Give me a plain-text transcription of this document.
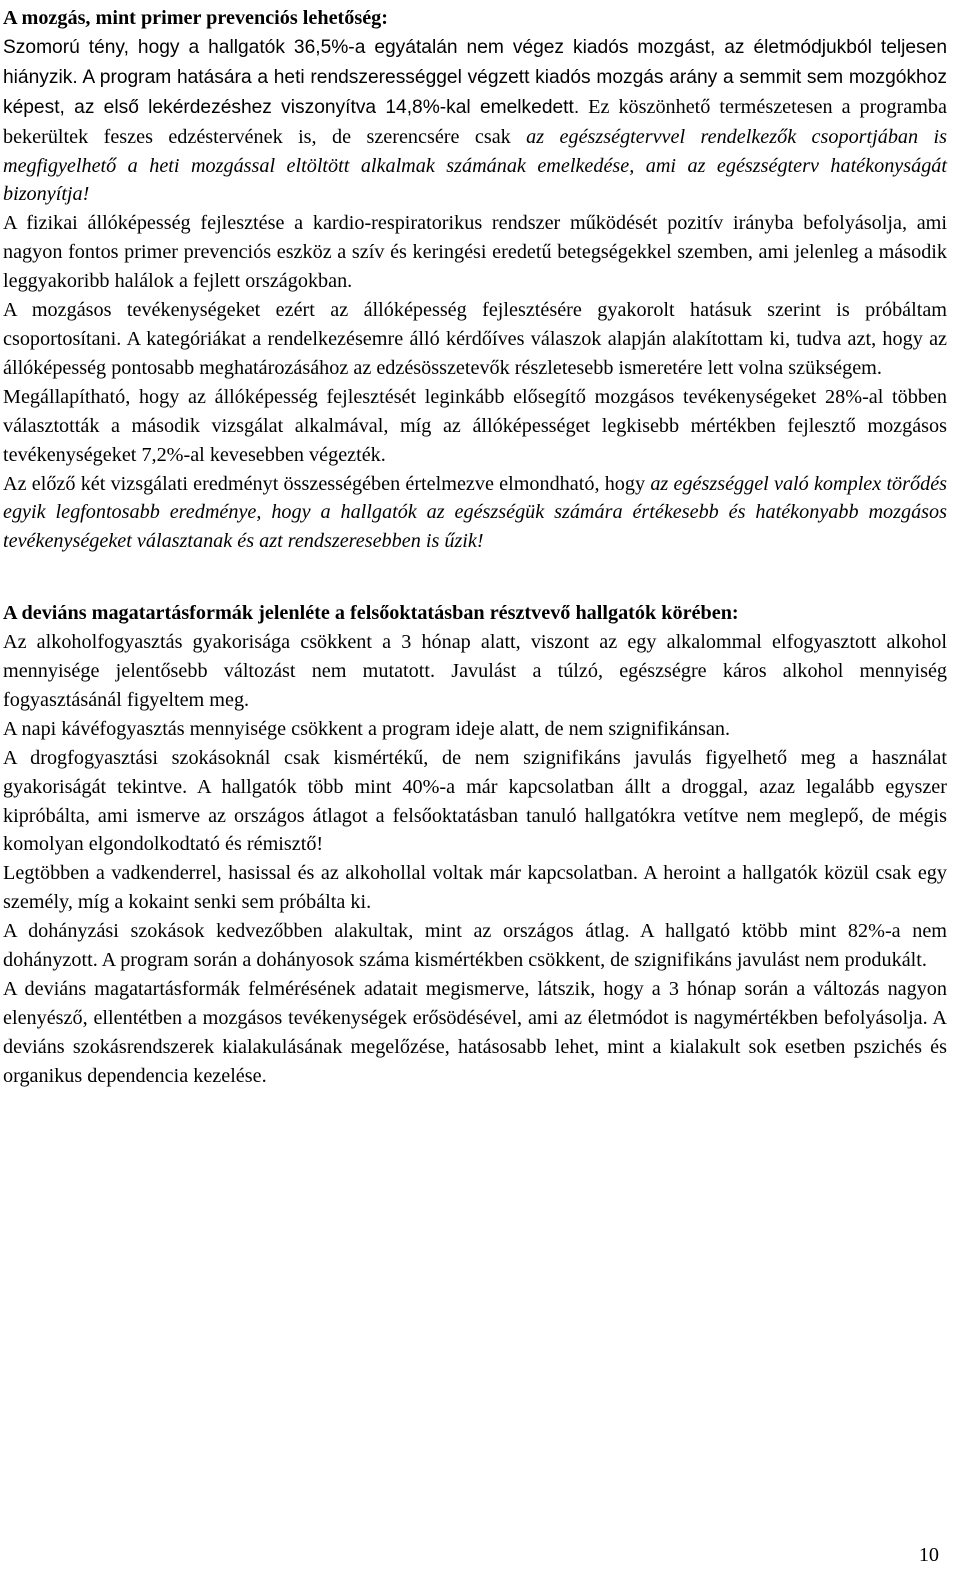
A mozgás, mint primer prevenciós lehetőség:

Szomorú tény, hogy a hallgatók 36,5%-a egyátalán nem végez kiadós mozgást, az életmódjukból teljesen hiányzik. A program hatására a heti rendszerességgel végzett kiadós mozgás arány a semmit sem mozgókhoz képest, az első lekérdezéshez viszonyítva 14,8%-kal emelkedett. Ez köszönhető természetesen a programba bekerültek feszes edzéstervének is, de szerencsére csak az egészségtervvel rendelkezők csoportjában is megfigyelhető a heti mozgással eltöltött alkalmak számának emelkedése, ami az egészségterv hatékonyságát bizonyítja!

A fizikai állóképesség fejlesztése a kardio-respiratorikus rendszer működését pozitív irányba befolyásolja, ami nagyon fontos primer prevenciós eszköz a szív és keringési eredetű betegségekkel szemben, ami jelenleg a második leggyakoribb halálok a fejlett országokban.

A mozgásos tevékenységeket ezért az állóképesség fejlesztésére gyakorolt hatásuk szerint is próbáltam csoportosítani. A kategóriákat a rendelkezésemre álló kérdőíves válaszok alapján alakítottam ki, tudva azt, hogy az állóképesség pontosabb meghatározásához az edzésösszetevők részletesebb ismeretére lett volna szükségem.

Megállapítható, hogy az állóképesség fejlesztését leginkább elősegítő mozgásos tevékenységeket 28%-al többen választották a második vizsgálat alkalmával, míg az állóképességet legkisebb mértékben fejlesztő mozgásos tevékenységeket 7,2%-al kevesebben végezték.

Az előző két vizsgálati eredményt összességében értelmezve elmondható, hogy az egészséggel való komplex törődés egyik legfontosabb eredménye, hogy a hallgatók az egészségük számára értékesebb és hatékonyabb mozgásos tevékenységeket választanak és azt rendszeresebben is űzik!

A deviáns magatartásformák jelenléte a felsőoktatásban résztvevő hallgatók körében:

Az alkoholfogyasztás gyakorisága csökkent a 3 hónap alatt, viszont az egy alkalommal elfogyasztott alkohol mennyisége jelentősebb változást nem mutatott. Javulást a túlzó, egészségre káros alkohol mennyiség fogyasztásánál figyeltem meg.

A napi kávéfogyasztás mennyisége csökkent a program ideje alatt, de nem szignifikánsan.

A drogfogyasztási szokásoknál csak kismértékű, de nem szignifikáns javulás figyelhető meg a használat gyakoriságát tekintve. A hallgatók több mint 40%-a már kapcsolatban állt a droggal, azaz legalább egyszer kipróbálta, ami ismerve az országos átlagot a felsőoktatásban tanuló hallgatókra vetítve nem meglepő, de mégis komolyan elgondolkodtató és rémisztő!

Legtöbben a vadkenderrel, hasissal és az alkohollal voltak már kapcsolatban. A heroint a hallgatók közül csak egy személy, míg a kokaint senki sem próbálta ki.

A dohányzási szokások kedvezőbben alakultak, mint az országos átlag. A hallgató ktöbb mint 82%-a nem dohányzott. A program során a dohányosok száma kismértékben csökkent, de szignifikáns javulást nem produkált.

A deviáns magatartásformák felmérésének adatait megismerve, látszik, hogy a 3 hónap során a változás nagyon elenyésző, ellentétben a mozgásos tevékenységek erősödésével, ami az életmódot is nagymértékben befolyásolja. A deviáns szokásrendszerek kialakulásának megelőzése, hatásosabb lehet, mint a kialakult sok esetben pszichés és organikus dependencia kezelése.

10
